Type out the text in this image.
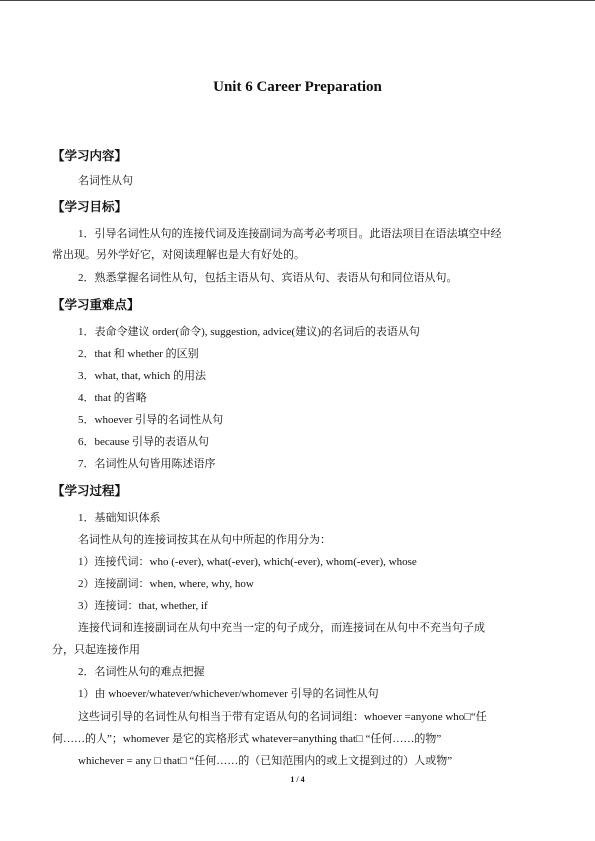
Unit 6 Career Preparation
【学习内容】
名词性从句
【学习目标】
1．引导名词性从句的连接代词及连接副词为高考必考项目。此语法项目在语法填空中经
常出现。另外学好它，对阅读理解也是大有好处的。
2．熟悉掌握名词性从句，包括主语从句、宾语从句、表语从句和同位语从句。
【学习重难点】
1．表命令建议 order(命令), suggestion, advice(建议)的名词后的表语从句
2．that 和 whether 的区别
3．what, that, which 的用法
4．that 的省略
5．whoever 引导的名词性从句
6．because 引导的表语从句
7．名词性从句皆用陈述语序
【学习过程】
1．基础知识体系
名词性从句的连接词按其在从句中所起的作用分为：
1）连接代词：who (-ever), what(-ever), which(-ever), whom(-ever), whose
2）连接副词：when, where, why, how
3）连接词：that, whether, if
连接代词和连接副词在从句中充当一定的句子成分，而连接词在从句中不充当句子成
分，只起连接作用
2．名词性从句的难点把握
1）由 whoever/whatever/whichever/whomever 引导的名词性从句
这些词引导的名词性从句相当于带有定语从句的名词词组：whoever =anyone who□“任
何……的人”；whomever 是它的宾格形式 whatever=anything that□ “任何……的物”
whichever = any □ that□ “任何……的（已知范围内的或上文提到过的）人或物”
1 / 4
